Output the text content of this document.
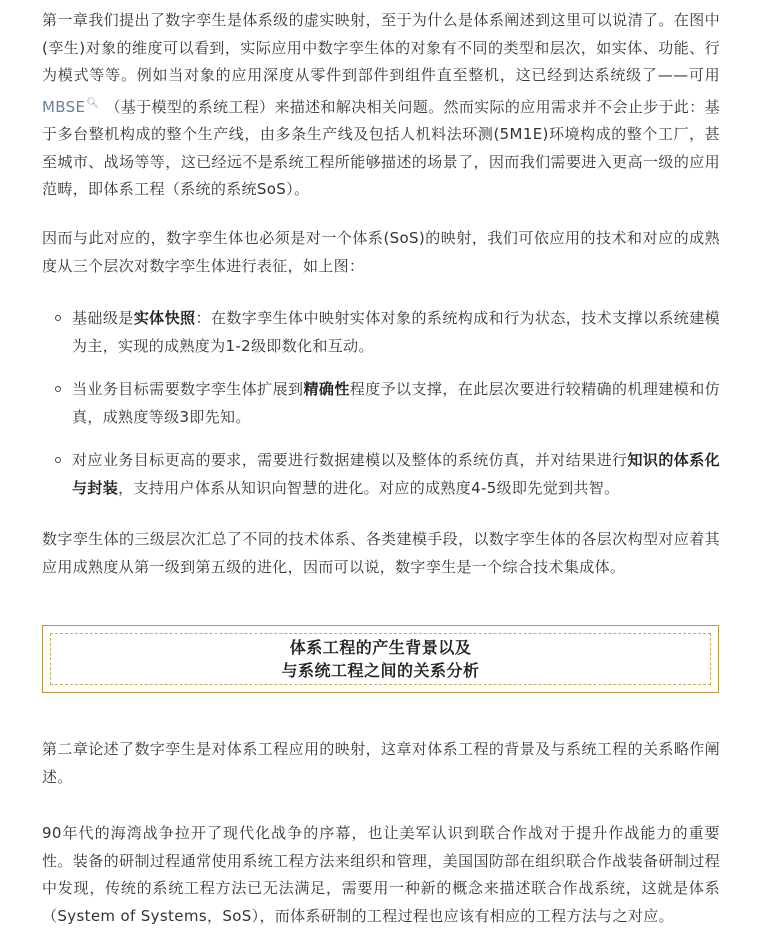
第一章我们提出了数字孪生是体系级的虚实映射，至于为什么是体系阐述到这里可以说清了。在图中(孪生)对象的维度可以看到，实际应用中数字孪生体的对象有不同的类型和层次，如实体、功能、行为模式等等。例如当对象的应用深度从零件到部件到组件直至整机，这已经到达系统级了——可用MBSE🔍︎ （基于模型的系统工程）来描述和解决相关问题。然而实际的应用需求并不会止步于此：基于多台整机构成的整个生产线，由多条生产线及包括人机料法环测(5M1E)环境构成的整个工厂，甚至城市、战场等等，这已经远不是系统工程所能够描述的场景了，因而我们需要进入更高一级的应用范畴，即体系工程（系统的系统SoS）。

因而与此对应的，数字孪生体也必须是对一个体系(SoS)的映射，我们可依应用的技术和对应的成熟度从三个层次对数字孪生体进行表征，如上图：

基础级是实体快照：在数字孪生体中映射实体对象的系统构成和行为状态，技术支撑以系统建模为主，实现的成熟度为1-2级即数化和互动。
当业务目标需要数字孪生体扩展到精确性程度予以支撑，在此层次要进行较精确的机理建模和仿真，成熟度等级3即先知。
对应业务目标更高的要求，需要进行数据建模以及整体的系统仿真，并对结果进行知识的体系化与封装，支持用户体系从知识向智慧的进化。对应的成熟度4-5级即先觉到共智。

数字孪生体的三级层次汇总了不同的技术体系、各类建模手段，以数字孪生体的各层次构型对应着其应用成熟度从第一级到第五级的进化，因而可以说，数字孪生是一个综合技术集成体。

体系工程的产生背景以及
与系统工程之间的关系分析

第二章论述了数字孪生是对体系工程应用的映射，这章对体系工程的背景及与系统工程的关系略作阐述。

90年代的海湾战争拉开了现代化战争的序幕，也让美军认识到联合作战对于提升作战能力的重要性。装备的研制过程通常使用系统工程方法来组织和管理，美国国防部在组织联合作战装备研制过程中发现，传统的系统工程方法已无法满足，需要用一种新的概念来描述联合作战系统，这就是体系（System of Systems，SoS），而体系研制的工程过程也应该有相应的工程方法与之对应。
